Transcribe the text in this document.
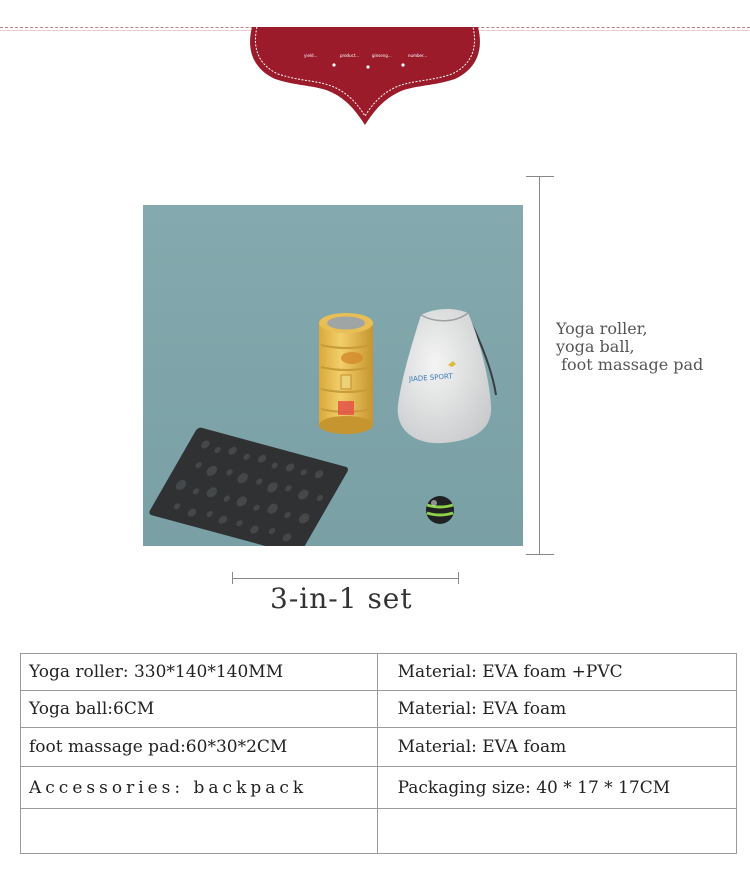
yield...	product...	ginseng...	number...
JIADE SPORT
Yoga roller,
yoga ball,
foot massage pad
3-in-1 set
Yoga roller: 330*140*140MM	Material: EVA foam +PVC
Yoga ball:6CM	Material: EVA foam
foot massage pad:60*30*2CM	Material: EVA foam
Accessories: backpack	Packaging size: 40 * 17 * 17CM
